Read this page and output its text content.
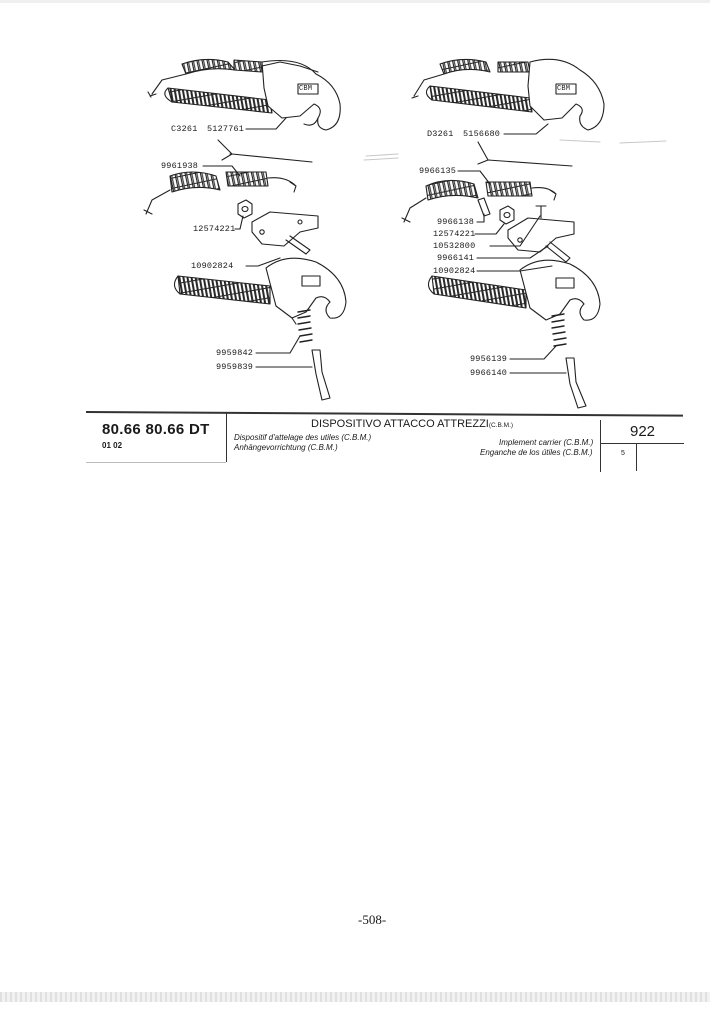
CBM	CBM
C3261 5127761
9961938
12574221
10902824
9959842
9959839
D3261 5156680
9966135
9966138
12574221
10532800
9966141
10902824
9956139
9966140
80.66 80.66 DT
01 02
DISPOSITIVO ATTACCO ATTREZZI(C.B.M.)
Dispositif d'attelage des utiles (C.B.M.)
Anhängevorrichtung (C.B.M.)
Implement carrier (C.B.M.)
Enganche de los útiles (C.B.M.)
922
5
-508-
